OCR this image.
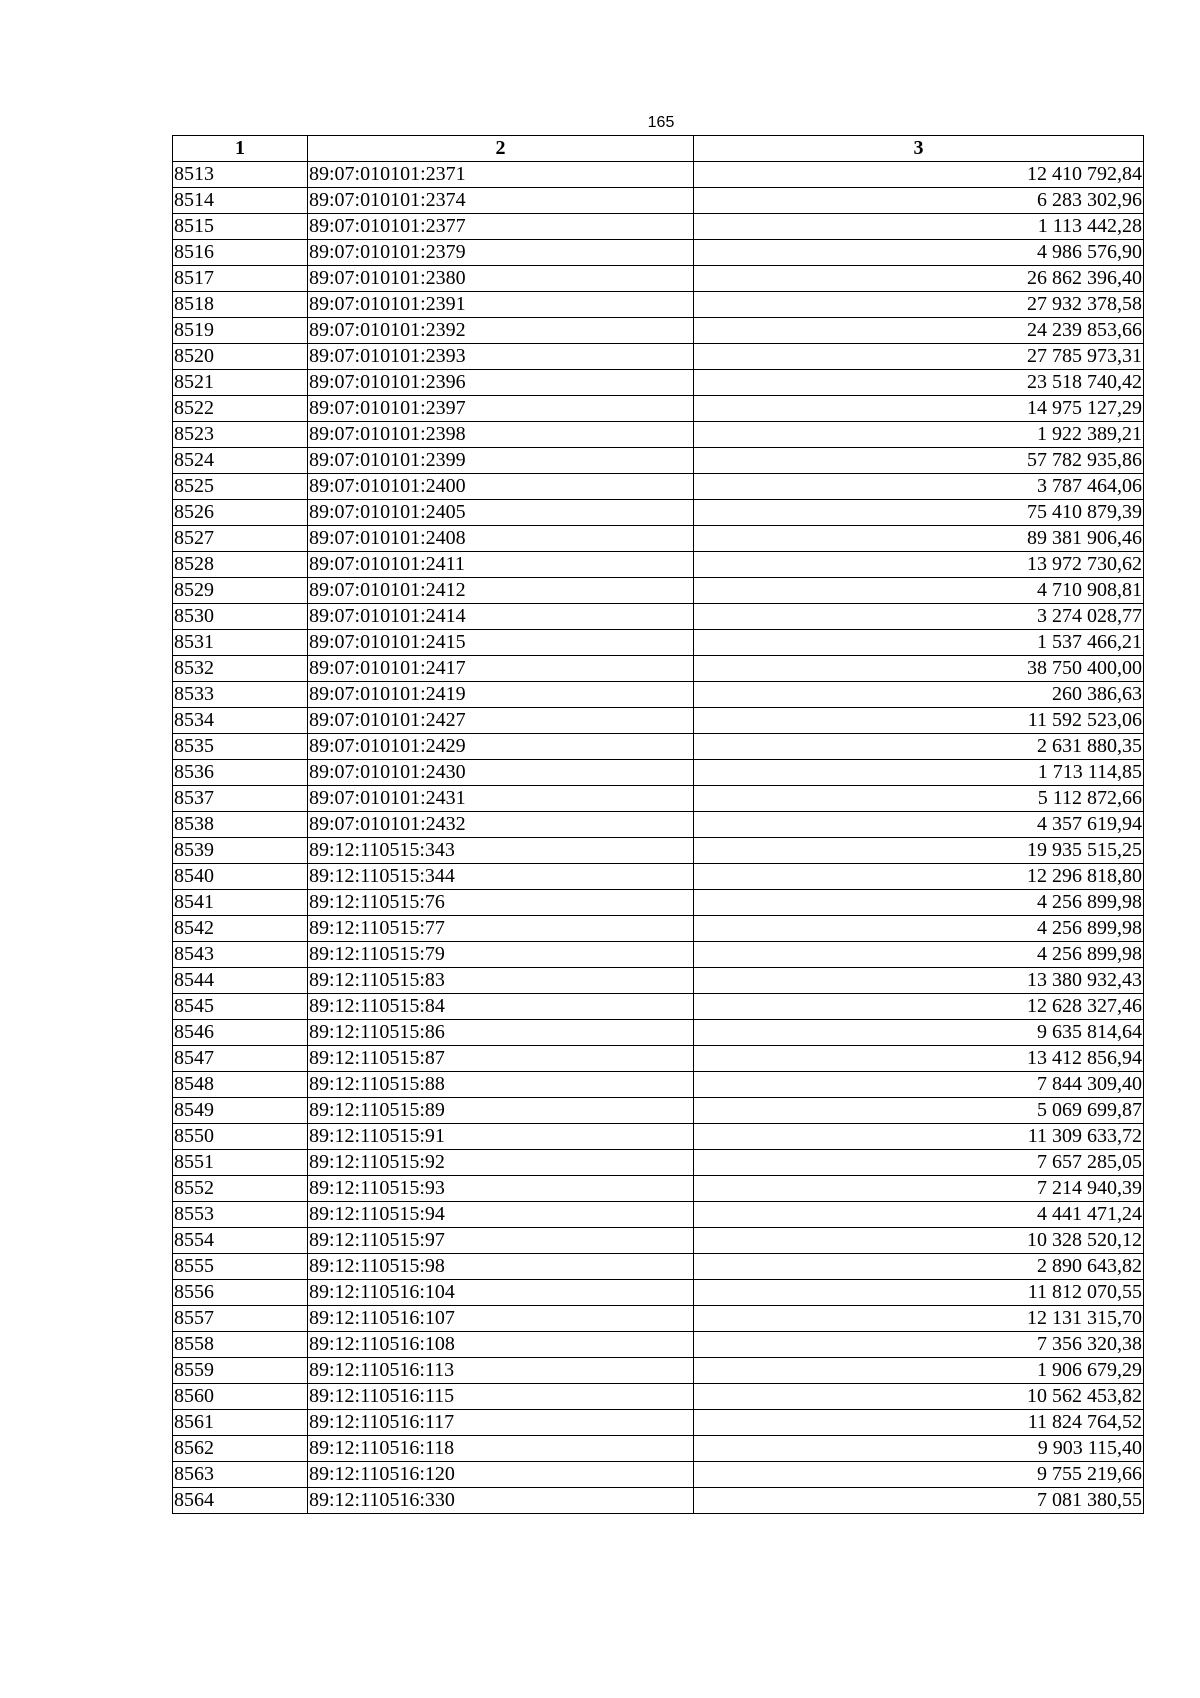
165
1	2	3
8513	89:07:010101:2371	12 410 792,84
8514	89:07:010101:2374	6 283 302,96
8515	89:07:010101:2377	1 113 442,28
8516	89:07:010101:2379	4 986 576,90
8517	89:07:010101:2380	26 862 396,40
8518	89:07:010101:2391	27 932 378,58
8519	89:07:010101:2392	24 239 853,66
8520	89:07:010101:2393	27 785 973,31
8521	89:07:010101:2396	23 518 740,42
8522	89:07:010101:2397	14 975 127,29
8523	89:07:010101:2398	1 922 389,21
8524	89:07:010101:2399	57 782 935,86
8525	89:07:010101:2400	3 787 464,06
8526	89:07:010101:2405	75 410 879,39
8527	89:07:010101:2408	89 381 906,46
8528	89:07:010101:2411	13 972 730,62
8529	89:07:010101:2412	4 710 908,81
8530	89:07:010101:2414	3 274 028,77
8531	89:07:010101:2415	1 537 466,21
8532	89:07:010101:2417	38 750 400,00
8533	89:07:010101:2419	260 386,63
8534	89:07:010101:2427	11 592 523,06
8535	89:07:010101:2429	2 631 880,35
8536	89:07:010101:2430	1 713 114,85
8537	89:07:010101:2431	5 112 872,66
8538	89:07:010101:2432	4 357 619,94
8539	89:12:110515:343	19 935 515,25
8540	89:12:110515:344	12 296 818,80
8541	89:12:110515:76	4 256 899,98
8542	89:12:110515:77	4 256 899,98
8543	89:12:110515:79	4 256 899,98
8544	89:12:110515:83	13 380 932,43
8545	89:12:110515:84	12 628 327,46
8546	89:12:110515:86	9 635 814,64
8547	89:12:110515:87	13 412 856,94
8548	89:12:110515:88	7 844 309,40
8549	89:12:110515:89	5 069 699,87
8550	89:12:110515:91	11 309 633,72
8551	89:12:110515:92	7 657 285,05
8552	89:12:110515:93	7 214 940,39
8553	89:12:110515:94	4 441 471,24
8554	89:12:110515:97	10 328 520,12
8555	89:12:110515:98	2 890 643,82
8556	89:12:110516:104	11 812 070,55
8557	89:12:110516:107	12 131 315,70
8558	89:12:110516:108	7 356 320,38
8559	89:12:110516:113	1 906 679,29
8560	89:12:110516:115	10 562 453,82
8561	89:12:110516:117	11 824 764,52
8562	89:12:110516:118	9 903 115,40
8563	89:12:110516:120	9 755 219,66
8564	89:12:110516:330	7 081 380,55
